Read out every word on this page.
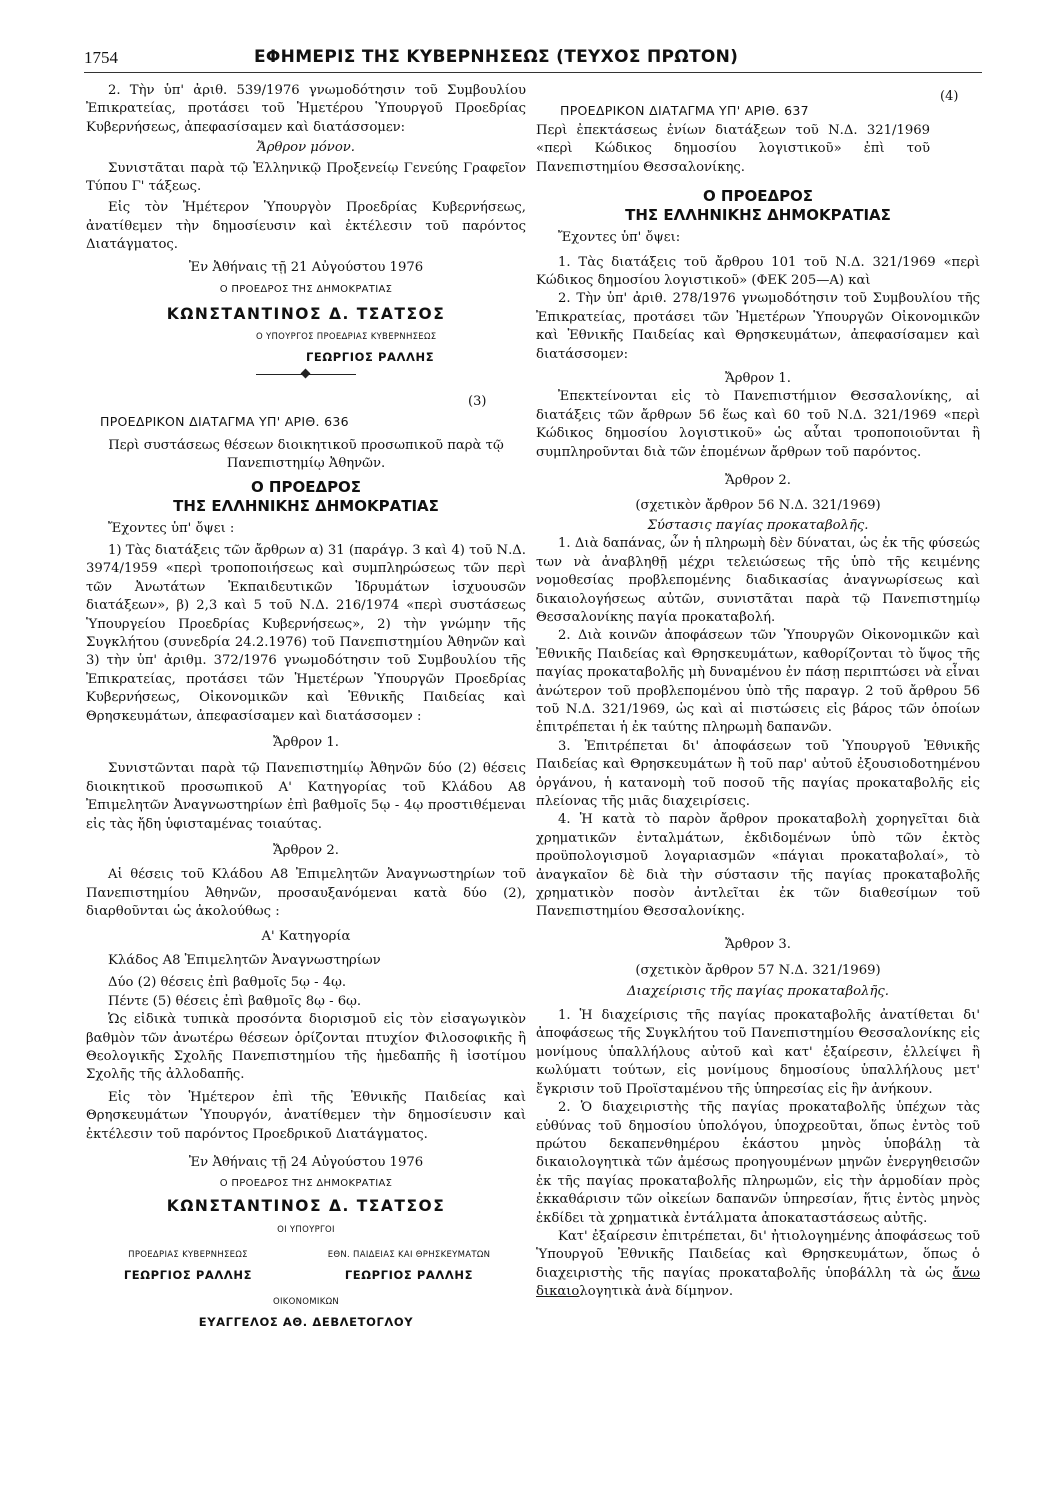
1754	ΕΦΗΜΕΡΙΣ ΤΗΣ ΚΥΒΕΡΝΗΣΕΩΣ (ΤΕΥΧΟΣ ΠΡΩΤΟΝ)

2. Τὴν ὑπ' ἀριθ. 539/1976 γνωμοδότησιν τοῦ Συμβουλίου Ἐπικρατείας, προτάσει τοῦ Ἡμετέρου Ὑπουργοῦ Προεδρίας Κυβερνήσεως, ἀπεφασίσαμεν καὶ διατάσσομεν:

Ἄρθρον μόνον.

Συνιστᾶται παρὰ τῷ Ἑλληνικῷ Προξενείῳ Γενεύης Γραφεῖον Τύπου Γ' τάξεως.

Εἰς τὸν Ἡμέτερον Ὑπουργὸν Προεδρίας Κυβερνήσεως, ἀνατίθεμεν τὴν δημοσίευσιν καὶ ἐκτέλεσιν τοῦ παρόντος Διατάγματος.

Ἐν Ἀθήναις τῇ 21 Αὐγούστου 1976

Ο ΠΡΟΕΔΡΟΣ ΤΗΣ ΔΗΜΟΚΡΑΤΙΑΣ

ΚΩΝΣΤΑΝΤΙΝΟΣ Δ. ΤΣΑΤΣΟΣ

Ο ΥΠΟΥΡΓΟΣ ΠΡΟΕΔΡΙΑΣ ΚΥΒΕΡΝΗΣΕΩΣ

ΓΕΩΡΓΙΟΣ ΡΑΛΛΗΣ

(3)

ΠΡΟΕΔΡΙΚΟΝ ΔΙΑΤΑΓΜΑ ΥΠ' ΑΡΙΘ. 636

Περὶ συστάσεως θέσεων διοικητικοῦ προσωπικοῦ παρὰ τῷ Πανεπιστημίῳ Ἀθηνῶν.

Ο ΠΡΟΕΔΡΟΣ

ΤΗΣ ΕΛΛΗΝΙΚΗΣ ΔΗΜΟΚΡΑΤΙΑΣ

Ἔχοντες ὑπ' ὄψει :

1) Τὰς διατάξεις τῶν ἄρθρων α) 31 (παράγρ. 3 καὶ 4) τοῦ Ν.Δ. 3974/1959 «περὶ τροποποιήσεως καὶ συμπληρώσεως τῶν περὶ τῶν Ἀνωτάτων Ἐκπαιδευτικῶν Ἱδρυμάτων ἰσχυουσῶν διατάξεων», β) 2,3 καὶ 5 τοῦ Ν.Δ. 216/1974 «περὶ συστάσεως Ὑπουργείου Προεδρίας Κυβερνήσεως», 2) τὴν γνώμην τῆς Συγκλήτου (συνεδρία 24.2.1976) τοῦ Πανεπιστημίου Ἀθηνῶν καὶ 3) τὴν ὑπ' ἀριθμ. 372/1976 γνωμοδότησιν τοῦ Συμβουλίου τῆς Ἐπικρατείας, προτάσει τῶν Ἡμετέρων Ὑπουργῶν Προεδρίας Κυβερνήσεως, Οἰκονομικῶν καὶ Ἐθνικῆς Παιδείας καὶ Θρησκευμάτων, ἀπεφασίσαμεν καὶ διατάσσομεν :

Ἄρθρον 1.

Συνιστῶνται παρὰ τῷ Πανεπιστημίῳ Ἀθηνῶν δύο (2) θέσεις διοικητικοῦ προσωπικοῦ Α' Κατηγορίας τοῦ Κλάδου Α8 Ἐπιμελητῶν Ἀναγνωστηρίων ἐπὶ βαθμοῖς 5ῳ - 4ῳ προστιθέμεναι εἰς τὰς ἤδη ὑφισταμένας τοιαύτας.

Ἄρθρον 2.

Αἱ θέσεις τοῦ Κλάδου Α8 Ἐπιμελητῶν Ἀναγνωστηρίων τοῦ Πανεπιστημίου Ἀθηνῶν, προσαυξανόμεναι κατὰ δύο (2), διαρθοῦνται ὡς ἀκολούθως :

Α' Κατηγορία

Κλάδος Α8 Ἐπιμελητῶν Ἀναγνωστηρίων

Δύο (2) θέσεις ἐπὶ βαθμοῖς 5ῳ - 4ῳ.

Πέντε (5) θέσεις ἐπὶ βαθμοῖς 8ῳ - 6ῳ.

Ὡς εἰδικὰ τυπικὰ προσόντα διορισμοῦ εἰς τὸν εἰσαγωγικὸν βαθμὸν τῶν ἀνωτέρω θέσεων ὁρίζονται πτυχίον Φιλοσοφικῆς ἢ Θεολογικῆς Σχολῆς Πανεπιστημίου τῆς ἡμεδαπῆς ἢ ἰσοτίμου Σχολῆς τῆς ἀλλοδαπῆς.

Εἰς τὸν Ἡμέτερον ἐπὶ τῆς Ἐθνικῆς Παιδείας καὶ Θρησκευμάτων Ὑπουργόν, ἀνατίθεμεν τὴν δημοσίευσιν καὶ ἐκτέλεσιν τοῦ παρόντος Προεδρικοῦ Διατάγματος.

Ἐν Ἀθήναις τῇ 24 Αὐγούστου 1976

Ο ΠΡΟΕΔΡΟΣ ΤΗΣ ΔΗΜΟΚΡΑΤΙΑΣ

ΚΩΝΣΤΑΝΤΙΝΟΣ Δ. ΤΣΑΤΣΟΣ

ΟΙ ΥΠΟΥΡΓΟΙ

ΠΡΟΕΔΡΙΑΣ ΚΥΒΕΡΝΗΣΕΩΣ

ΓΕΩΡΓΙΟΣ ΡΑΛΛΗΣ

ΕΘΝ. ΠΑΙΔΕΙΑΣ ΚΑΙ ΘΡΗΣΚΕΥΜΑΤΩΝ

ΓΕΩΡΓΙΟΣ ΡΑΛΛΗΣ

ΟΙΚΟΝΟΜΙΚΩΝ

ΕΥΑΓΓΕΛΟΣ ΑΘ. ΔΕΒΛΕΤΟΓΛΟΥ

(4)

ΠΡΟΕΔΡΙΚΟΝ ΔΙΑΤΑΓΜΑ ΥΠ' ΑΡΙΘ. 637

Περὶ ἐπεκτάσεως ἐνίων διατάξεων τοῦ Ν.Δ. 321/1969 «περὶ Κώδικος δημοσίου λογιστικοῦ» ἐπὶ τοῦ Πανεπιστημίου Θεσσαλονίκης.

Ο ΠΡΟΕΔΡΟΣ

ΤΗΣ ΕΛΛΗΝΙΚΗΣ ΔΗΜΟΚΡΑΤΙΑΣ

Ἔχοντες ὑπ' ὄψει:

1. Τὰς διατάξεις τοῦ ἄρθρου 101 τοῦ Ν.Δ. 321/1969 «περὶ Κώδικος δημοσίου λογιστικοῦ» (ΦΕΚ 205—Α) καὶ

2. Τὴν ὑπ' ἀριθ. 278/1976 γνωμοδότησιν τοῦ Συμβουλίου τῆς Ἐπικρατείας, προτάσει τῶν Ἡμετέρων Ὑπουργῶν Οἰκονομικῶν καὶ Ἐθνικῆς Παιδείας καὶ Θρησκευμάτων, ἀπεφασίσαμεν καὶ διατάσσομεν:

Ἄρθρον 1.

Ἐπεκτείνονται εἰς τὸ Πανεπιστήμιον Θεσσαλονίκης, αἱ διατάξεις τῶν ἄρθρων 56 ἕως καὶ 60 τοῦ Ν.Δ. 321/1969 «περὶ Κώδικος δημοσίου λογιστικοῦ» ὡς αὗται τροποποιοῦνται ἢ συμπληροῦνται διὰ τῶν ἑπομένων ἄρθρων τοῦ παρόντος.

Ἄρθρον 2.

(σχετικὸν ἄρθρον 56 Ν.Δ. 321/1969)

Σύστασις παγίας προκαταβολῆς.

1. Διὰ δαπάνας, ὧν ἡ πληρωμὴ δὲν δύναται, ὡς ἐκ τῆς φύσεώς των νὰ ἀναβληθῇ μέχρι τελειώσεως τῆς ὑπὸ τῆς κειμένης νομοθεσίας προβλεπομένης διαδικασίας ἀναγνωρίσεως καὶ δικαιολογήσεως αὐτῶν, συνιστᾶται παρὰ τῷ Πανεπιστημίῳ Θεσσαλονίκης παγία προκαταβολή.

2. Διὰ κοινῶν ἀποφάσεων τῶν Ὑπουργῶν Οἰκονομικῶν καὶ Ἐθνικῆς Παιδείας καὶ Θρησκευμάτων, καθορίζονται τὸ ὕψος τῆς παγίας προκαταβολῆς μὴ δυναμένου ἐν πάσῃ περιπτώσει νὰ εἶναι ἀνώτερον τοῦ προβλεπομένου ὑπὸ τῆς παραγρ. 2 τοῦ ἄρθρου 56 τοῦ Ν.Δ. 321/1969, ὡς καὶ αἱ πιστώσεις εἰς βάρος τῶν ὁποίων ἐπιτρέπεται ἡ ἐκ ταύτης πληρωμὴ δαπανῶν.

3. Ἐπιτρέπεται δι' ἀποφάσεων τοῦ Ὑπουργοῦ Ἐθνικῆς Παιδείας καὶ Θρησκευμάτων ἢ τοῦ παρ' αὐτοῦ ἐξουσιοδοτημένου ὀργάνου, ἡ κατανομὴ τοῦ ποσοῦ τῆς παγίας προκαταβολῆς εἰς πλείονας τῆς μιᾶς διαχειρίσεις.

4. Ἡ κατὰ τὸ παρὸν ἄρθρον προκαταβολὴ χορηγεῖται διὰ χρηματικῶν ἐνταλμάτων, ἐκδιδομένων ὑπὸ τῶν ἐκτὸς προϋπολογισμοῦ λογαριασμῶν «πάγιαι προκαταβολαί», τὸ ἀναγκαῖον δὲ διὰ τὴν σύστασιν τῆς παγίας προκαταβολῆς χρηματικὸν ποσὸν ἀντλεῖται ἐκ τῶν διαθεσίμων τοῦ Πανεπιστημίου Θεσσαλονίκης.

Ἄρθρον 3.

(σχετικὸν ἄρθρον 57 Ν.Δ. 321/1969)

Διαχείρισις τῆς παγίας προκαταβολῆς.

1. Ἡ διαχείρισις τῆς παγίας προκαταβολῆς ἀνατίθεται δι' ἀποφάσεως τῆς Συγκλήτου τοῦ Πανεπιστημίου Θεσσαλονίκης εἰς μονίμους ὑπαλλήλους αὐτοῦ καὶ κατ' ἐξαίρεσιν, ἐλλείψει ἢ κωλύματι τούτων, εἰς μονίμους δημοσίους ὑπαλλήλους μετ' ἔγκρισιν τοῦ Προϊσταμένου τῆς ὑπηρεσίας εἰς ἣν ἀνήκουν.

2. Ὁ διαχειριστὴς τῆς παγίας προκαταβολῆς ὑπέχων τὰς εὐθύνας τοῦ δημοσίου ὑπολόγου, ὑποχρεοῦται, ὅπως ἐντὸς τοῦ πρώτου δεκαπενθημέρου ἑκάστου μηνὸς ὑποβάλῃ τὰ δικαιολογητικὰ τῶν ἀμέσως προηγουμένων μηνῶν ἐνεργηθεισῶν ἐκ τῆς παγίας προκαταβολῆς πληρωμῶν, εἰς τὴν ἁρμοδίαν πρὸς ἐκκαθάρισιν τῶν οἰκείων δαπανῶν ὑπηρεσίαν, ἥτις ἐντὸς μηνὸς ἐκδίδει τὰ χρηματικὰ ἐντάλματα ἀποκαταστάσεως αὐτῆς.

Κατ' ἐξαίρεσιν ἐπιτρέπεται, δι' ἠτιολογημένης ἀποφάσεως τοῦ Ὑπουργοῦ Ἐθνικῆς Παιδείας καὶ Θρησκευμάτων, ὅπως ὁ διαχειριστὴς τῆς παγίας προκαταβολῆς ὑποβάλλη τὰ ὡς ἄνω δικαιολογητικὰ ἀνὰ δίμηνον.
